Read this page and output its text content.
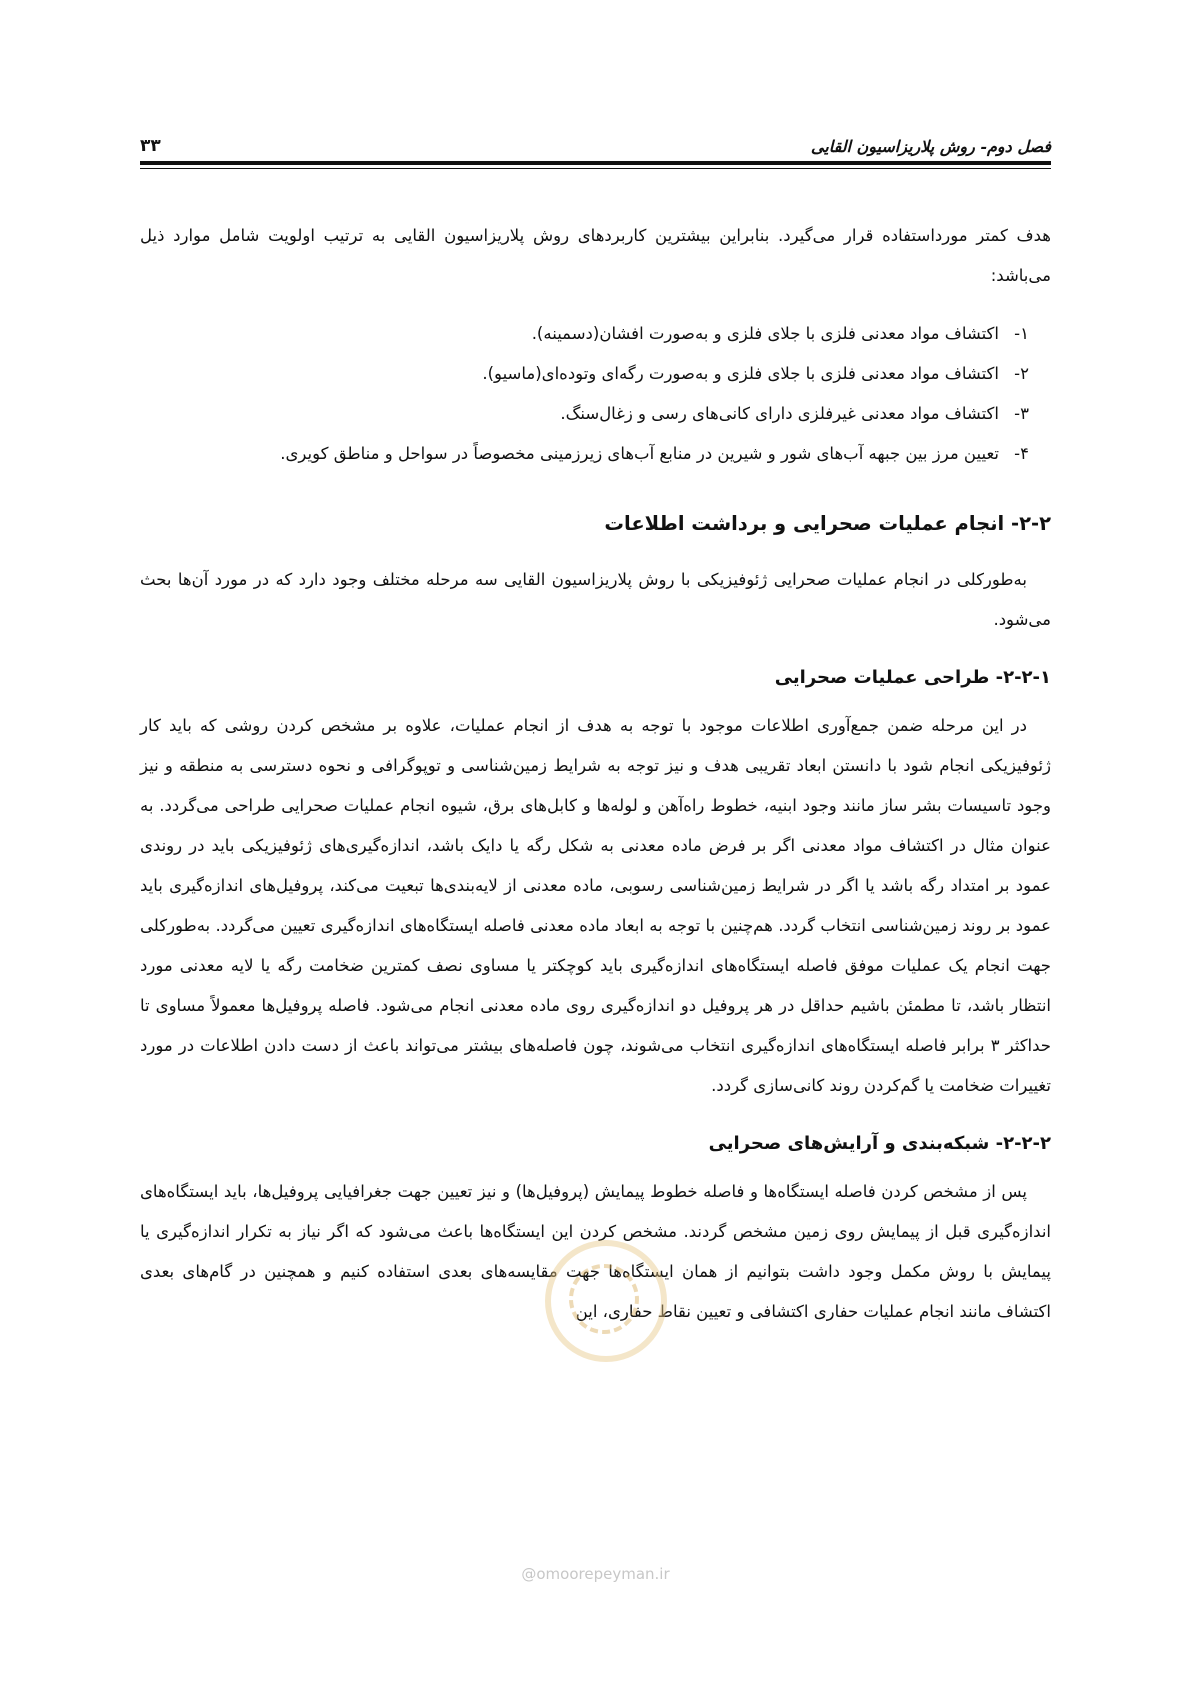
فصل دوم- روش پلاریزاسیون القایی
۳۳

هدف کمتر مورداستفاده قرار می‌گیرد. بنابراین بیشترین کاربردهای روش پلاریزاسیون القایی به ترتیب اولویت شامل موارد ذیل می‌باشد:

۱-
اکتشاف مواد معدنی فلزی با جلای فلزی و به‌صورت افشان(دسمینه).
۲-
اکتشاف مواد معدنی فلزی با جلای فلزی و به‌صورت رگه‌ای وتوده‌ای(ماسیو).
۳-
اکتشاف مواد معدنی غیرفلزی دارای کانی‌های رسی و زغال‌سنگ.
۴-
تعیین مرز بین جبهه آب‌های شور و شیرین در منابع آب‌های زیرزمینی مخصوصاً در سواحل و مناطق کویری.
۲-۲- انجام عملیات صحرایی و برداشت اطلاعات

به‌طورکلی در انجام عملیات صحرایی ژئوفیزیکی با روش پلاریزاسیون القایی سه مرحله مختلف وجود دارد که در مورد آن‌ها بحث می‌شود.

۲-۲-۱- طراحی عملیات صحرایی

در این مرحله ضمن جمع‌آوری اطلاعات موجود با توجه به هدف از انجام عملیات، علاوه بر مشخص کردن روشی که باید کار ژئوفیزیکی انجام شود با دانستن ابعاد تقریبی هدف و نیز توجه به شرایط زمین‌شناسی و توپوگرافی و نحوه دسترسی به منطقه و نیز وجود تاسیسات بشر ساز مانند وجود ابنیه، خطوط راه‌آهن و لوله‌ها و کابل‌های برق، شیوه انجام عملیات صحرایی طراحی می‌گردد. به عنوان مثال در اکتشاف مواد معدنی اگر بر فرض ماده معدنی به شکل رگه یا دایک باشد، اندازه‌گیری‌های ژئوفیزیکی باید در روندی عمود بر امتداد رگه باشد یا اگر در شرایط زمین‌شناسی رسوبی، ماده معدنی از لایه‌بندی‌ها تبعیت می‌کند، پروفیل‌های اندازه‌گیری باید عمود بر روند زمین‌شناسی انتخاب گردد. هم‌چنین با توجه به ابعاد ماده معدنی فاصله ایستگاه‌های اندازه‌گیری تعیین می‌گردد. به‌طورکلی جهت انجام یک عملیات موفق فاصله ایستگاه‌های اندازه‌گیری باید کوچکتر یا مساوی نصف کمترین ضخامت رگه یا لایه معدنی مورد انتظار باشد، تا مطمئن باشیم حداقل در هر پروفیل دو اندازه‌گیری روی ماده معدنی انجام می‌شود. فاصله پروفیل‌ها معمولاً مساوی تا حداکثر ۳ برابر فاصله ایستگاه‌های اندازه‌گیری انتخاب می‌شوند، چون فاصله‌های بیشتر می‌تواند باعث از دست دادن اطلاعات در مورد تغییرات ضخامت یا گم‌کردن روند کانی‌سازی گردد.

۲-۲-۲- شبکه‌بندی و آرایش‌های صحرایی

پس از مشخص کردن فاصله ایستگاه‌ها و فاصله خطوط پیمایش (پروفیل‌ها) و نیز تعیین جهت جغرافیایی پروفیل‌ها، باید ایستگاه‌های اندازه‌گیری قبل از پیمایش روی زمین مشخص گردند. مشخص کردن این ایستگاه‌ها باعث می‌شود که اگر نیاز به تکرار اندازه‌گیری یا پیمایش با روش مکمل وجود داشت بتوانیم از همان ایستگاه‌ها جهت مقایسه‌های بعدی استفاده کنیم و همچنین در گام‌های بعدی اکتشاف مانند انجام عملیات حفاری اکتشافی و تعیین نقاط حفاری، این

@omoorepeyman.ir
